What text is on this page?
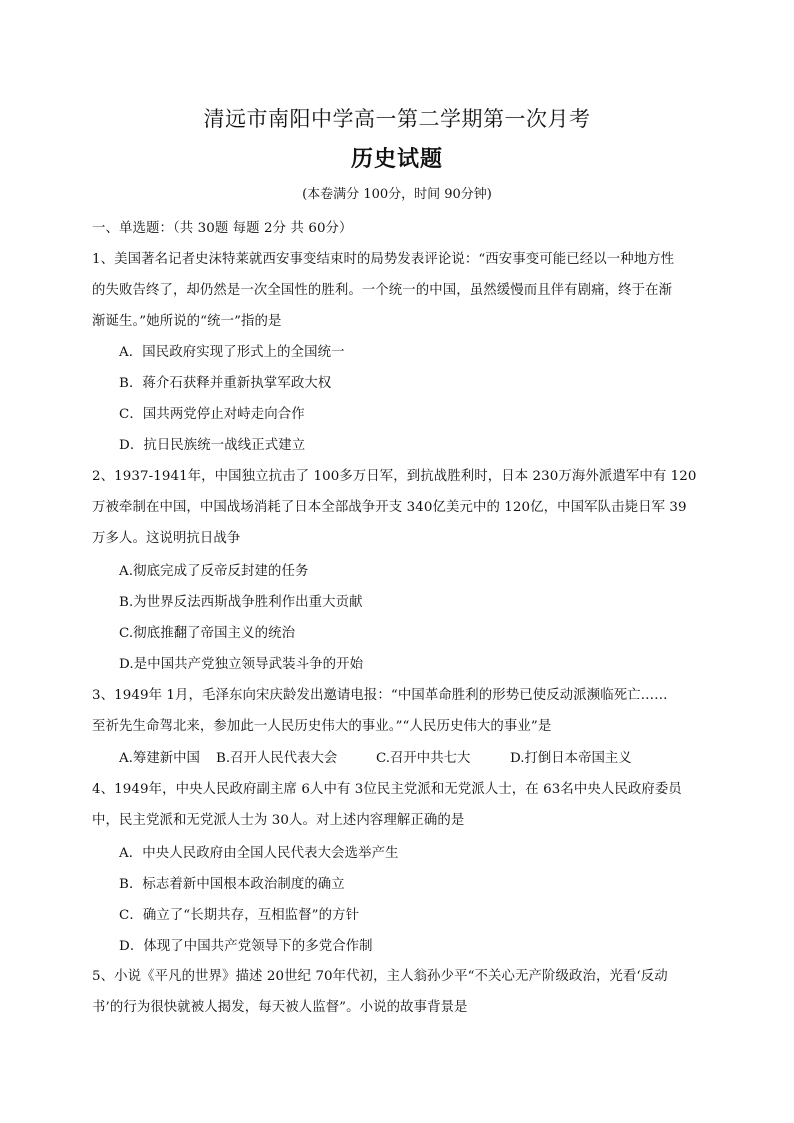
清远市南阳中学高一第二学期第一次月考
历史试题
(本卷满分 100分，时间 90分钟)
一、单选题：（共 30题 每题 2分 共 60分）
1、美国著名记者史沫特莱就西安事变结束时的局势发表评论说：“西安事变可能已经以一种地方性
的失败告终了，却仍然是一次全国性的胜利。一个统一的中国，虽然缓慢而且伴有剧痛，终于在渐
渐诞生。”她所说的“统一”指的是
A．国民政府实现了形式上的全国统一
B．蒋介石获释并重新执掌军政大权
C．国共两党停止对峙走向合作
D．抗日民族统一战线正式建立
2、1937-1941年，中国独立抗击了 100多万日军，到抗战胜利时，日本 230万海外派遣军中有 120
万被牵制在中国，中国战场消耗了日本全部战争开支 340亿美元中的 120亿，中国军队击毙日军 39
万多人。这说明抗日战争
A.彻底完成了反帝反封建的任务
B.为世界反法西斯战争胜利作出重大贡献
C.彻底推翻了帝国主义的统治
D.是中国共产党独立领导武装斗争的开始
3、1949年 1月，毛泽东向宋庆龄发出邀请电报：“中国革命胜利的形势已使反动派濒临死亡……
至祈先生命驾北来，参加此一人民历史伟大的事业。”“人民历史伟大的事业”是
A.筹建新中国 B.召开人民代表大会	C.召开中共七大	D.打倒日本帝国主义
4、1949年，中央人民政府副主席 6人中有 3位民主党派和无党派人士，在 63名中央人民政府委员
中，民主党派和无党派人士为 30人。对上述内容理解正确的是
A．中央人民政府由全国人民代表大会选举产生
B．标志着新中国根本政治制度的确立
C．确立了“长期共存，互相监督”的方针
D．体现了中国共产党领导下的多党合作制
5、小说《平凡的世界》描述 20世纪 70年代初，主人翁孙少平“不关心无产阶级政治，光看‘反动
书’的行为很快就被人揭发，每天被人监督”。小说的故事背景是
